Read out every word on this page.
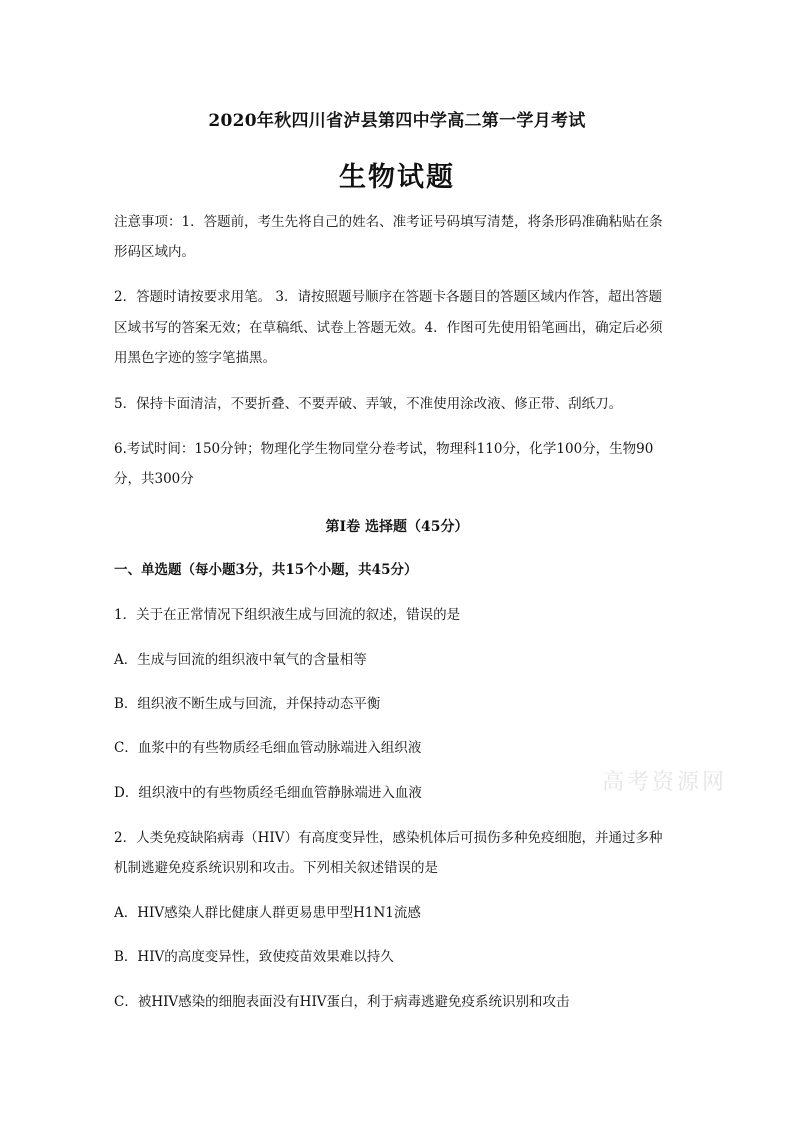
2020年秋四川省泸县第四中学高二第一学月考试
生物试题
注意事项：1．答题前，考生先将自己的姓名、准考证号码填写清楚，将条形码准确粘贴在条
形码区域内。
2．答题时请按要求用笔。 3．请按照题号顺序在答题卡各题目的答题区域内作答，超出答题
区域书写的答案无效；在草稿纸、试卷上答题无效。4．作图可先使用铅笔画出，确定后必须
用黑色字迹的签字笔描黑。
5．保持卡面清洁，不要折叠、不要弄破、弄皱，不准使用涂改液、修正带、刮纸刀。
6.考试时间：150分钟；物理化学生物同堂分卷考试，物理科110分，化学100分，生物90
分，共300分
第Ⅰ卷 选择题（45分）
一、单选题（每小题3分，共15个小题，共45分）
1．关于在正常情况下组织液生成与回流的叙述，错误的是
A．生成与回流的组织液中氧气的含量相等
B．组织液不断生成与回流，并保持动态平衡
C．血浆中的有些物质经毛细血管动脉端进入组织液
D．组织液中的有些物质经毛细血管静脉端进入血液	高考资源网
2．人类免疫缺陷病毒（HIV）有高度变异性，感染机体后可损伤多种免疫细胞，并通过多种
机制逃避免疫系统识别和攻击。下列相关叙述错误的是
A．HIV感染人群比健康人群更易患甲型H1N1流感
B．HIV的高度变异性，致使疫苗效果难以持久
C．被HIV感染的细胞表面没有HIV蛋白，利于病毒逃避免疫系统识别和攻击
